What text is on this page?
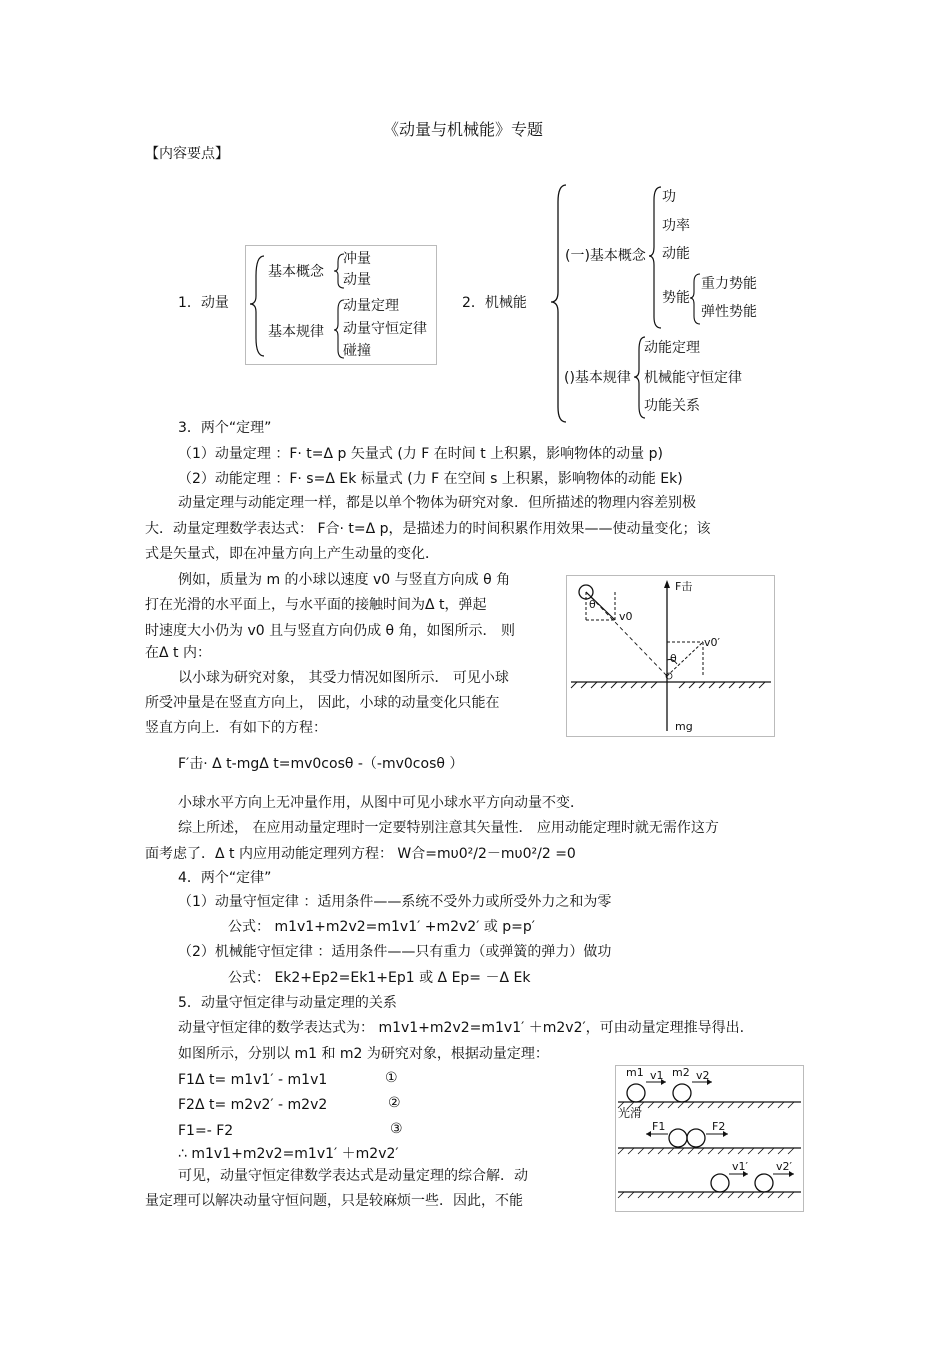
《动量与机械能》专题
【内容要点】
1．动量
基本概念
冲量
动量
基本规律
动量定理
动量守恒定律
碰撞
2．机械能
(一)基本概念
功
功率
动能
势能
重力势能
弹性势能
()基本规律
动能定理
机械能守恒定律
功能关系
3．两个“定理”
（1）动量定理 ：F· t=Δ p 矢量式 (力 F 在时间 t 上积累，影响物体的动量 p)
（2）动能定理 ：F· s=Δ Ek 标量式 (力 F 在空间 s 上积累，影响物体的动能 Ek)
动量定理与动能定理一样，都是以单个物体为研究对象．但所描述的物理内容差别极
大．动量定理数学表达式： F合· t=Δ p，是描述力的时间积累作用效果——使动量变化；该
式是矢量式，即在冲量方向上产生动量的变化．
例如，质量为 m 的小球以速度 v0 与竖直方向成 θ 角
打在光滑的水平面上，与水平面的接触时间为Δ t，弹起
时速度大小仍为 v0 且与竖直方向仍成 θ 角，如图所示． 则
在Δ t 内：
以小球为研究对象， 其受力情况如图所示． 可见小球
所受冲量是在竖直方向上， 因此，小球的动量变化只能在
竖直方向上．有如下的方程：
F击
v0
θ
v0′
θ
mg
F′击· Δ t-mgΔ t=mv0cosθ -（-mv0cosθ ）
小球水平方向上无冲量作用，从图中可见小球水平方向动量不变．
综上所述， 在应用动量定理时一定要特别注意其矢量性． 应用动能定理时就无需作这方
面考虑了．Δ t 内应用动能定理列方程： W合=mυ0²/2－mυ0²/2 =0
4．两个“定律”
（1）动量守恒定律 ：适用条件——系统不受外力或所受外力之和为零
公式： m1v1+m2v2=m1v1′ +m2v2′ 或 p=p′
（2）机械能守恒定律 ：适用条件——只有重力（或弹簧的弹力）做功
公式： Ek2+Ep2=Ek1+Ep1 或 Δ Ep= －Δ Ek
5．动量守恒定律与动量定理的关系
动量守恒定律的数学表达式为： m1v1+m2v2=m1v1′ ＋m2v2′，可由动量定理推导得出.
如图所示，分别以 m1 和 m2 为研究对象，根据动量定理：
F1Δ t= m1v1′ - m1v1	①
F2Δ t= m2v2′ - m2v2	②
F1=- F2	③
∴ m1v1+m2v2=m1v1′ ＋m2v2′
可见，动量守恒定律数学表达式是动量定理的综合解．动
量定理可以解决动量守恒问题，只是较麻烦一些．因此，不能
m1	m2
v1	v2
光滑
F1	F2
v1′	v2′
